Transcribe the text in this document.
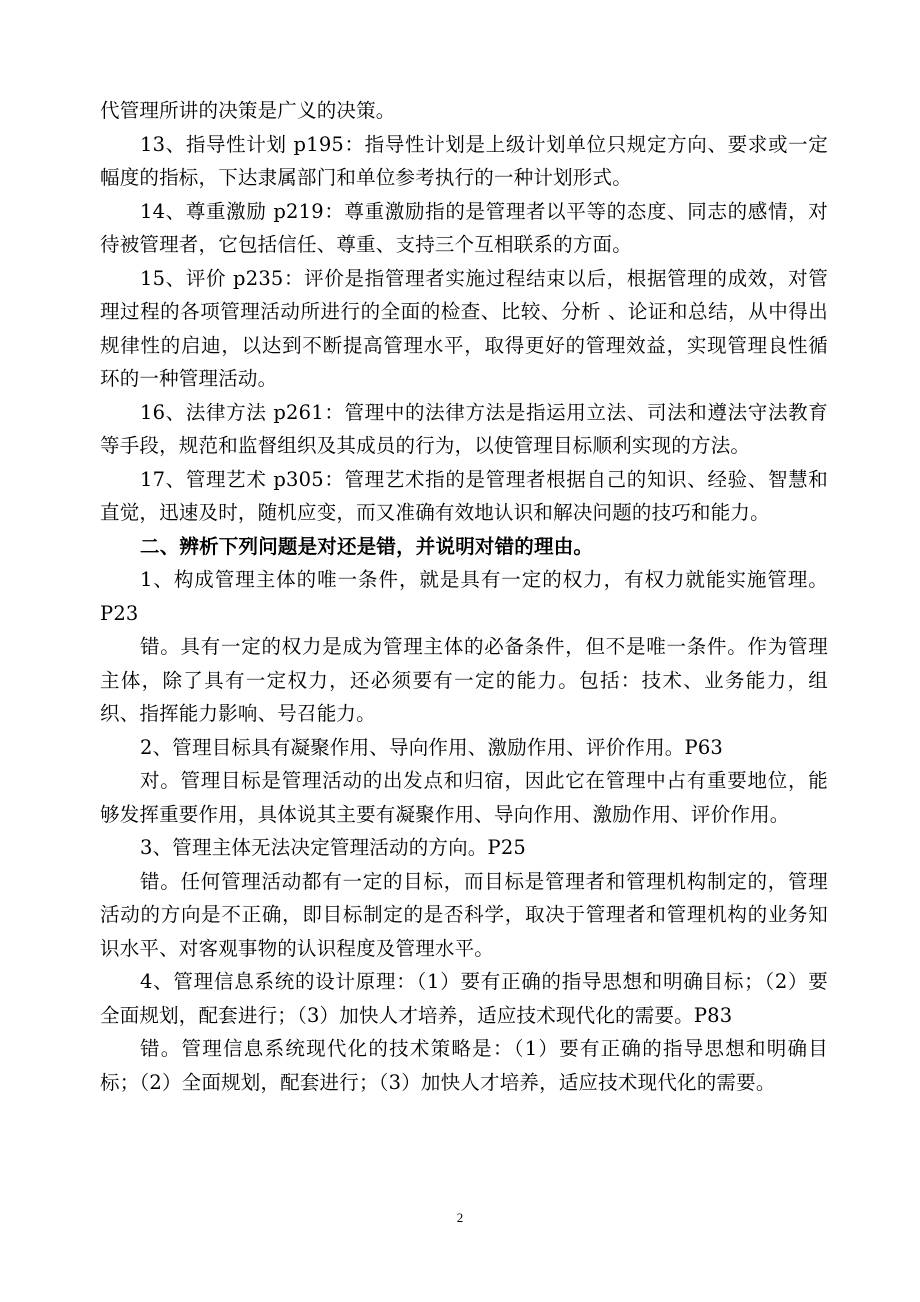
代管理所讲的决策是广义的决策。

13、指导性计划 p195：指导性计划是上级计划单位只规定方向、要求或一定幅度的指标，下达隶属部门和单位参考执行的一种计划形式。

14、尊重激励 p219：尊重激励指的是管理者以平等的态度、同志的感情，对待被管理者，它包括信任、尊重、支持三个互相联系的方面。

15、评价 p235：评价是指管理者实施过程结束以后，根据管理的成效，对管理过程的各项管理活动所进行的全面的检查、比较、分析 、论证和总结，从中得出规律性的启迪，以达到不断提高管理水平，取得更好的管理效益，实现管理良性循环的一种管理活动。

16、法律方法 p261：管理中的法律方法是指运用立法、司法和遵法守法教育等手段，规范和监督组织及其成员的行为，以使管理目标顺利实现的方法。

17、管理艺术 p305：管理艺术指的是管理者根据自己的知识、经验、智慧和直觉，迅速及时，随机应变，而又准确有效地认识和解决问题的技巧和能力。

二、辨析下列问题是对还是错，并说明对错的理由。

1、构成管理主体的唯一条件，就是具有一定的权力，有权力就能实施管理。P23

错。具有一定的权力是成为管理主体的必备条件，但不是唯一条件。作为管理主体，除了具有一定权力，还必须要有一定的能力。包括：技术、业务能力，组织、指挥能力影响、号召能力。

2、管理目标具有凝聚作用、导向作用、激励作用、评价作用。P63

对。管理目标是管理活动的出发点和归宿，因此它在管理中占有重要地位，能够发挥重要作用，具体说其主要有凝聚作用、导向作用、激励作用、评价作用。

3、管理主体无法决定管理活动的方向。P25

错。任何管理活动都有一定的目标，而目标是管理者和管理机构制定的，管理活动的方向是不正确，即目标制定的是否科学，取决于管理者和管理机构的业务知识水平、对客观事物的认识程度及管理水平。

4、管理信息系统的设计原理：（1）要有正确的指导思想和明确目标；（2）要全面规划，配套进行；（3）加快人才培养，适应技术现代化的需要。P83

错。管理信息系统现代化的技术策略是：（1）要有正确的指导思想和明确目标；（2）全面规划，配套进行；（3）加快人才培养，适应技术现代化的需要。

2
